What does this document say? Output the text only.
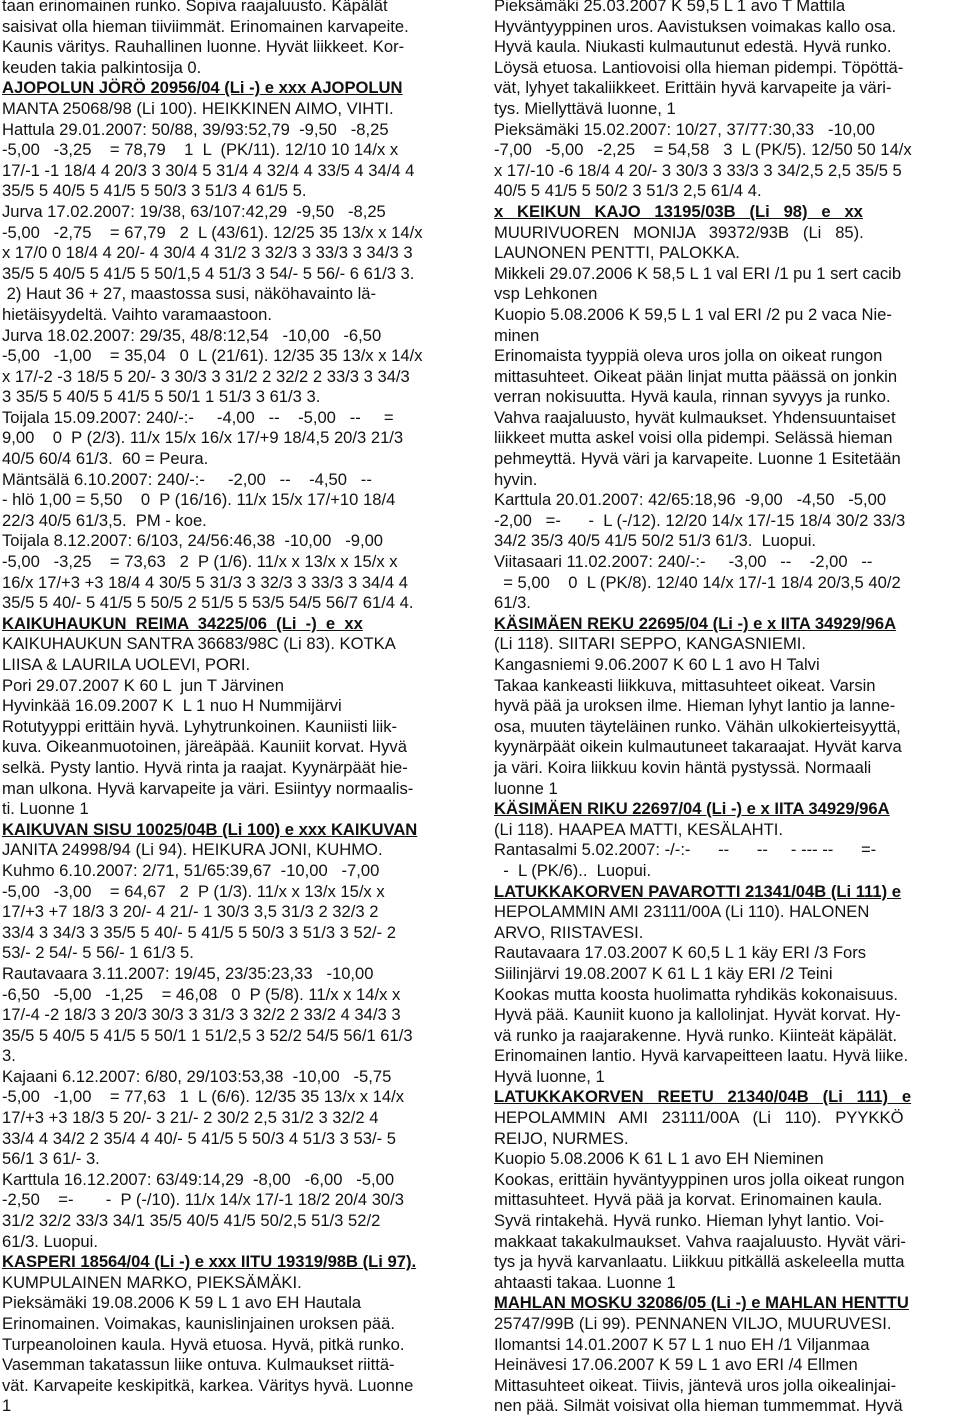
taan erinomainen runko. Sopiva raajaluusto. Käpälät
saisivat olla hieman tiiviimmät. Erinomainen karvapeite.
Kaunis väritys. Rauhallinen luonne. Hyvät liikkeet. Kor-
keuden takia palkintosija 0.
AJOPOLUN JÖRÖ 20956/04 (Li -) e xxx AJOPOLUN
MANTA 25068/98 (Li 100). HEIKKINEN AIMO, VIHTI.
Hattula 29.01.2007: 50/88, 39/93:52,79  -9,50   -8,25
-5,00   -3,25    = 78,79    1  L  (PK/11). 12/10 10 14/x x
17/-1 -1 18/4 4 20/3 3 30/4 5 31/4 4 32/4 4 33/5 4 34/4 4
35/5 5 40/5 5 41/5 5 50/3 3 51/3 4 61/5 5.
Jurva 17.02.2007: 19/38, 63/107:42,29  -9,50   -8,25
-5,00   -2,75    = 67,79   2  L (43/61). 12/25 35 13/x x 14/x
x 17/0 0 18/4 4 20/- 4 30/4 4 31/2 3 32/3 3 33/3 3 34/3 3
35/5 5 40/5 5 41/5 5 50/1,5 4 51/3 3 54/- 5 56/- 6 61/3 3.
2) Haut 36 + 27, maastossa susi, näköhavainto lä-
hietäisyydeltä. Vaihto varamaastoon.
Jurva 18.02.2007: 29/35, 48/8:12,54   -10,00   -6,50
-5,00   -1,00    = 35,04   0  L (21/61). 12/35 35 13/x x 14/x
x 17/-2 -3 18/5 5 20/- 3 30/3 3 31/2 2 32/2 2 33/3 3 34/3
3 35/5 5 40/5 5 41/5 5 50/1 1 51/3 3 61/3 3.
Toijala 15.09.2007: 240/-:-     -4,00   --    -5,00   --     =
9,00    0  P (2/3). 11/x 15/x 16/x 17/+9 18/4,5 20/3 21/3
40/5 60/4 61/3.  60 = Peura.
Mäntsälä 6.10.2007: 240/-:-     -2,00   --    -4,50   --
- hlö 1,00 = 5,50    0  P (16/16). 11/x 15/x 17/+10 18/4
22/3 40/5 61/3,5.  PM - koe.
Toijala 8.12.2007: 6/103, 24/56:46,38  -10,00   -9,00
-5,00   -3,25    = 73,63   2  P (1/6). 11/x x 13/x x 15/x x
16/x 17/+3 +3 18/4 4 30/5 5 31/3 3 32/3 3 33/3 3 34/4 4
35/5 5 40/- 5 41/5 5 50/5 2 51/5 5 53/5 54/5 56/7 61/4 4.
KAIKUHAUKUN  REIMA  34225/06  (Li  -)  e  xx
KAIKUHAUKUN SANTRA 36683/98C (Li 83). KOTKA
LIISA & LAURILA UOLEVI, PORI.
Pori 29.07.2007 K 60 L  jun T Järvinen
Hyvinkää 16.09.2007 K  L 1 nuo H Nummijärvi
Rotutyyppi erittäin hyvä. Lyhytrunkoinen. Kauniisti liik-
kuva. Oikeanmuotoinen, järeäpää. Kauniit korvat. Hyvä
selkä. Pysty lantio. Hyvä rinta ja raajat. Kyynärpäät hie-
man ulkona. Hyvä karvapeite ja väri. Esiintyy normaalis-
ti. Luonne 1
KAIKUVAN SISU 10025/04B (Li 100) e xxx KAIKUVAN
JANITA 24998/94 (Li 94). HEIKURA JONI, KUHMO.
Kuhmo 6.10.2007: 2/71, 51/65:39,67  -10,00   -7,00
-5,00   -3,00    = 64,67   2  P (1/3). 11/x x 13/x 15/x x
17/+3 +7 18/3 3 20/- 4 21/- 1 30/3 3,5 31/3 2 32/3 2
33/4 3 34/3 3 35/5 5 40/- 5 41/5 5 50/3 3 51/3 3 52/- 2
53/- 2 54/- 5 56/- 1 61/3 5.
Rautavaara 3.11.2007: 19/45, 23/35:23,33   -10,00
-6,50   -5,00   -1,25    = 46,08   0  P (5/8). 11/x x 14/x x
17/-4 -2 18/3 3 20/3 30/3 3 31/3 3 32/2 2 33/2 4 34/3 3
35/5 5 40/5 5 41/5 5 50/1 1 51/2,5 3 52/2 54/5 56/1 61/3
3.
Kajaani 6.12.2007: 6/80, 29/103:53,38  -10,00   -5,75
-5,00   -1,00    = 77,63   1  L (6/6). 12/35 35 13/x x 14/x
17/+3 +3 18/3 5 20/- 3 21/- 2 30/2 2,5 31/2 3 32/2 4
33/4 4 34/2 2 35/4 4 40/- 5 41/5 5 50/3 4 51/3 3 53/- 5
56/1 3 61/- 3.
Karttula 16.12.2007: 63/49:14,29  -8,00   -6,00   -5,00
-2,50    =-       -  P (-/10). 11/x 14/x 17/-1 18/2 20/4 30/3
31/2 32/2 33/3 34/1 35/5 40/5 41/5 50/2,5 51/3 52/2
61/3. Luopui.
KASPERI 18564/04 (Li -) e xxx IITU 19319/98B (Li 97).
KUMPULAINEN MARKO, PIEKSÄMÄKI.
Pieksämäki 19.08.2006 K 59 L 1 avo EH Hautala
Erinomainen. Voimakas, kaunislinjainen uroksen pää.
Turpeanoloinen kaula. Hyvä etuosa. Hyvä, pitkä runko.
Vasemman takatassun liike ontuva. Kulmaukset riittä-
vät. Karvapeite keskipitkä, karkea. Väritys hyvä. Luonne
1
Pieksämäki 25.03.2007 K 59,5 L 1 avo T Mattila
Hyväntyyppinen uros. Aavistuksen voimakas kallo osa.
Hyvä kaula. Niukasti kulmautunut edestä. Hyvä runko.
Löysä etuosa. Lantiovoisi olla hieman pidempi. Töpöttä-
vät, lyhyet takaliikkeet. Erittäin hyvä karvapeite ja väri-
tys. Miellyttävä luonne, 1
Pieksämäki 15.02.2007: 10/27, 37/77:30,33   -10,00
-7,00   -5,00   -2,25    = 54,58   3  L (PK/5). 12/50 50 14/x
x 17/-10 -6 18/4 4 20/- 3 30/3 3 33/3 3 34/2,5 2,5 35/5 5
40/5 5 41/5 5 50/2 3 51/3 2,5 61/4 4.
x   KEIKUN   KAJO   13195/03B   (Li   98)   e   xx
MUURIVUOREN   MONIJA   39372/93B   (Li   85).
LAUNONEN PENTTI, PALOKKA.
Mikkeli 29.07.2006 K 58,5 L 1 val ERI /1 pu 1 sert cacib
vsp Lehkonen
Kuopio 5.08.2006 K 59,5 L 1 val ERI /2 pu 2 vaca Nie-
minen
Erinomaista tyyppiä oleva uros jolla on oikeat rungon
mittasuhteet. Oikeat pään linjat mutta päässä on jonkin
verran nokisuutta. Hyvä kaula, rinnan syvyys ja runko.
Vahva raajaluusto, hyvät kulmaukset. Yhdensuuntaiset
liikkeet mutta askel voisi olla pidempi. Selässä hieman
pehmeyttä. Hyvä väri ja karvapeite. Luonne 1 Esitetään
hyvin.
Karttula 20.01.2007: 42/65:18,96  -9,00   -4,50   -5,00
-2,00   =-      -  L (-/12). 12/20 14/x 17/-15 18/4 30/2 33/3
34/2 35/3 40/5 41/5 50/2 51/3 61/3.  Luopui.
Viitasaari 11.02.2007: 240/-:-     -3,00   --    -2,00   --
= 5,00    0  L (PK/8). 12/40 14/x 17/-1 18/4 20/3,5 40/2
61/3.
KÄSIMÄEN REKU 22695/04 (Li -) e x IITA 34929/96A
(Li 118). SIITARI SEPPO, KANGASNIEMI.
Kangasniemi 9.06.2007 K 60 L 1 avo H Talvi
Takaa kankeasti liikkuva, mittasuhteet oikeat. Varsin
hyvä pää ja uroksen ilme. Hieman lyhyt lantio ja lanne-
osa, muuten täyteläinen runko. Vähän ulkokierteisyyttä,
kyynärpäät oikein kulmautuneet takaraajat. Hyvät karva
ja väri. Koira liikkuu kovin häntä pystyssä. Normaali
luonne 1
KÄSIMÄEN RIKU 22697/04 (Li -) e x IITA 34929/96A
(Li 118). HAAPEA MATTI, KESÄLAHTI.
Rantasalmi 5.02.2007: -/-:-      --      --     - --- --      =-
-  L (PK/6)..  Luopui.
LATUKKAKORVEN PAVAROTTI 21341/04B (Li 111) e
HEPOLAMMIN AMI 23111/00A (Li 110). HALONEN
ARVO, RIISTAVESI.
Rautavaara 17.03.2007 K 60,5 L 1 käy ERI /3 Fors
Siilinjärvi 19.08.2007 K 61 L 1 käy ERI /2 Teini
Kookas mutta koosta huolimatta ryhdikäs kokonaisuus.
Hyvä pää. Kauniit kuono ja kallolinjat. Hyvät korvat. Hy-
vä runko ja raajarakenne. Hyvä runko. Kiinteät käpälät.
Erinomainen lantio. Hyvä karvapeitteen laatu. Hyvä liike.
Hyvä luonne, 1
LATUKKAKORVEN   REETU   21340/04B   (Li   111)   e
HEPOLAMMIN   AMI   23111/00A   (Li   110).   PYYKKÖ
REIJO, NURMES.
Kuopio 5.08.2006 K 61 L 1 avo EH Nieminen
Kookas, erittäin hyväntyyppinen uros jolla oikeat rungon
mittasuhteet. Hyvä pää ja korvat. Erinomainen kaula.
Syvä rintakehä. Hyvä runko. Hieman lyhyt lantio. Voi-
makkaat takakulmaukset. Vahva raajaluusto. Hyvät väri-
tys ja hyvä karvanlaatu. Liikkuu pitkällä askeleella mutta
ahtaasti takaa. Luonne 1
MAHLAN MOSKU 32086/05 (Li -) e MAHLAN HENTTU
25747/99B (Li 99). PENNANEN VILJO, MUURUVESI.
Ilomantsi 14.01.2007 K 57 L 1 nuo EH /1 Viljanmaa
Heinävesi 17.06.2007 K 59 L 1 avo ERI /4 Ellmen
Mittasuhteet oikeat. Tiivis, jäntevä uros jolla oikealinjai-
nen pää. Silmät voisivat olla hieman tummemmat. Hyvä
